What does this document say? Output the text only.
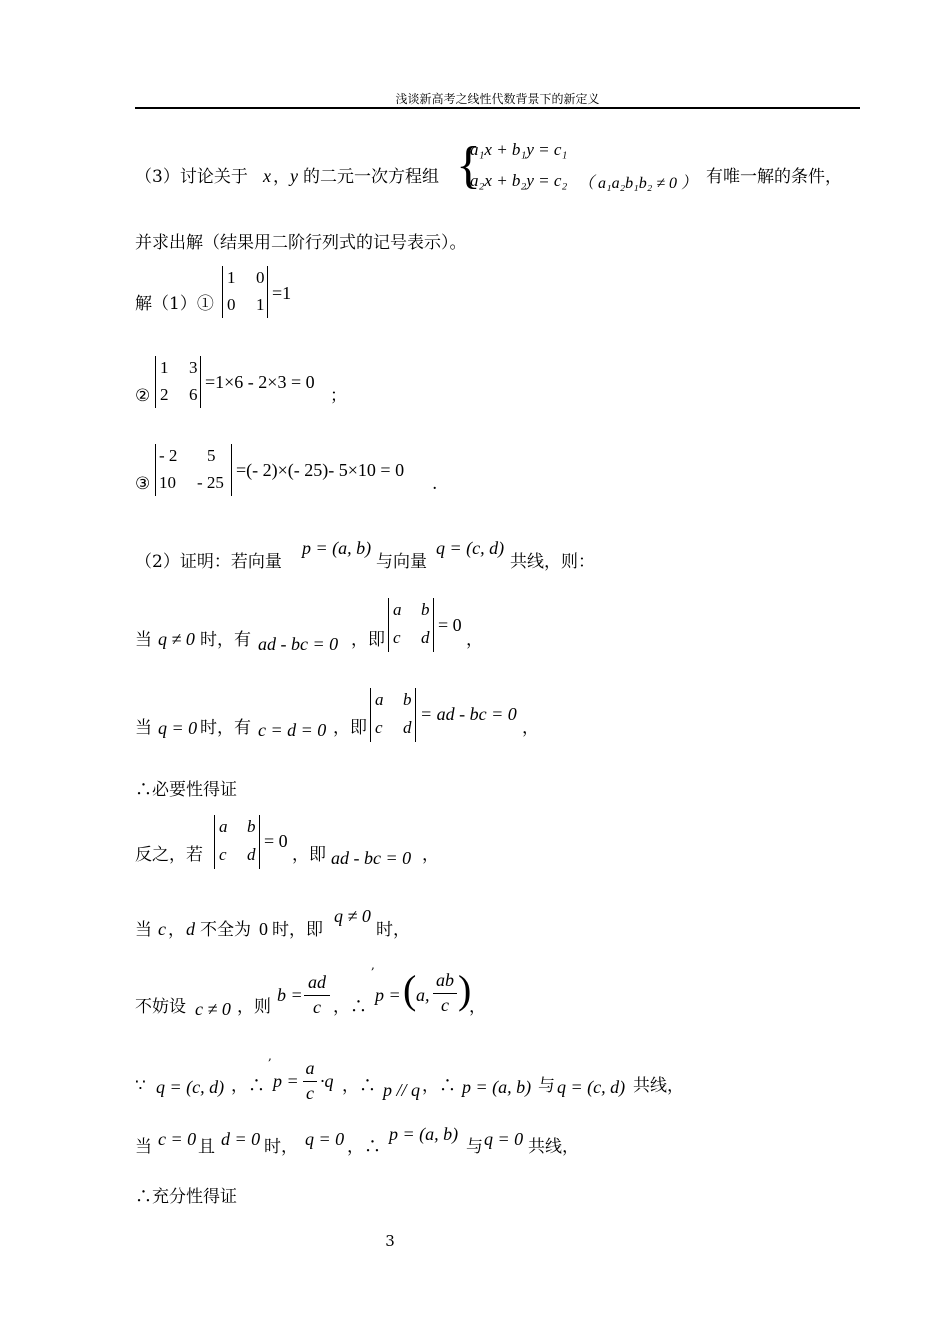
浅谈新高考之线性代数背景下的新定义
（3）讨论关于 x ， y 的二元一次方程组 {
a₁x + b₁y = c₁
a₂x + b₂y = c₂ （ a₁a₂b₁b₂ ≠ 0 ） 有唯一解的条件，
并求出解（结果用二阶行列式的记号表示）。
解（1）①
1 0
0 1
=1
②
1 3
2 6
=1×6 - 2×3 = 0
；
③
- 2 5
10 - 25
=(- 2)×(- 25)- 5×10 = 0
.
（2）证明：若向量
p = (a, b)
与向量
q = (c, d)
共线，则：
当 q ≠ 0 时，有 ad - bc = 0 ，即
a b
c d
= 0
，
当 q = 0 时，有 c = d = 0 ，即
a b
c d
= ad - bc = 0
，
∴必要性得证
反之，若
a b
c d
= 0
，即 ad - bc = 0 ，
当 c ， d 不全为 0 时，即
q ≠ 0
时，
不妨设 c ≠ 0 ，则
b =
ad
c ，∴
,
p = ( a,
ab
c )
，
∵ q = (c, d) ，∴
,
p =
a
c
·q ，∴ p // q ，∴ p = (a, b) 与 q = (c, d) 共线，
当 c = 0 且 d = 0 时， q = 0 ，∴
p = (a, b)
与 q = 0 共线，
∴充分性得证
3
